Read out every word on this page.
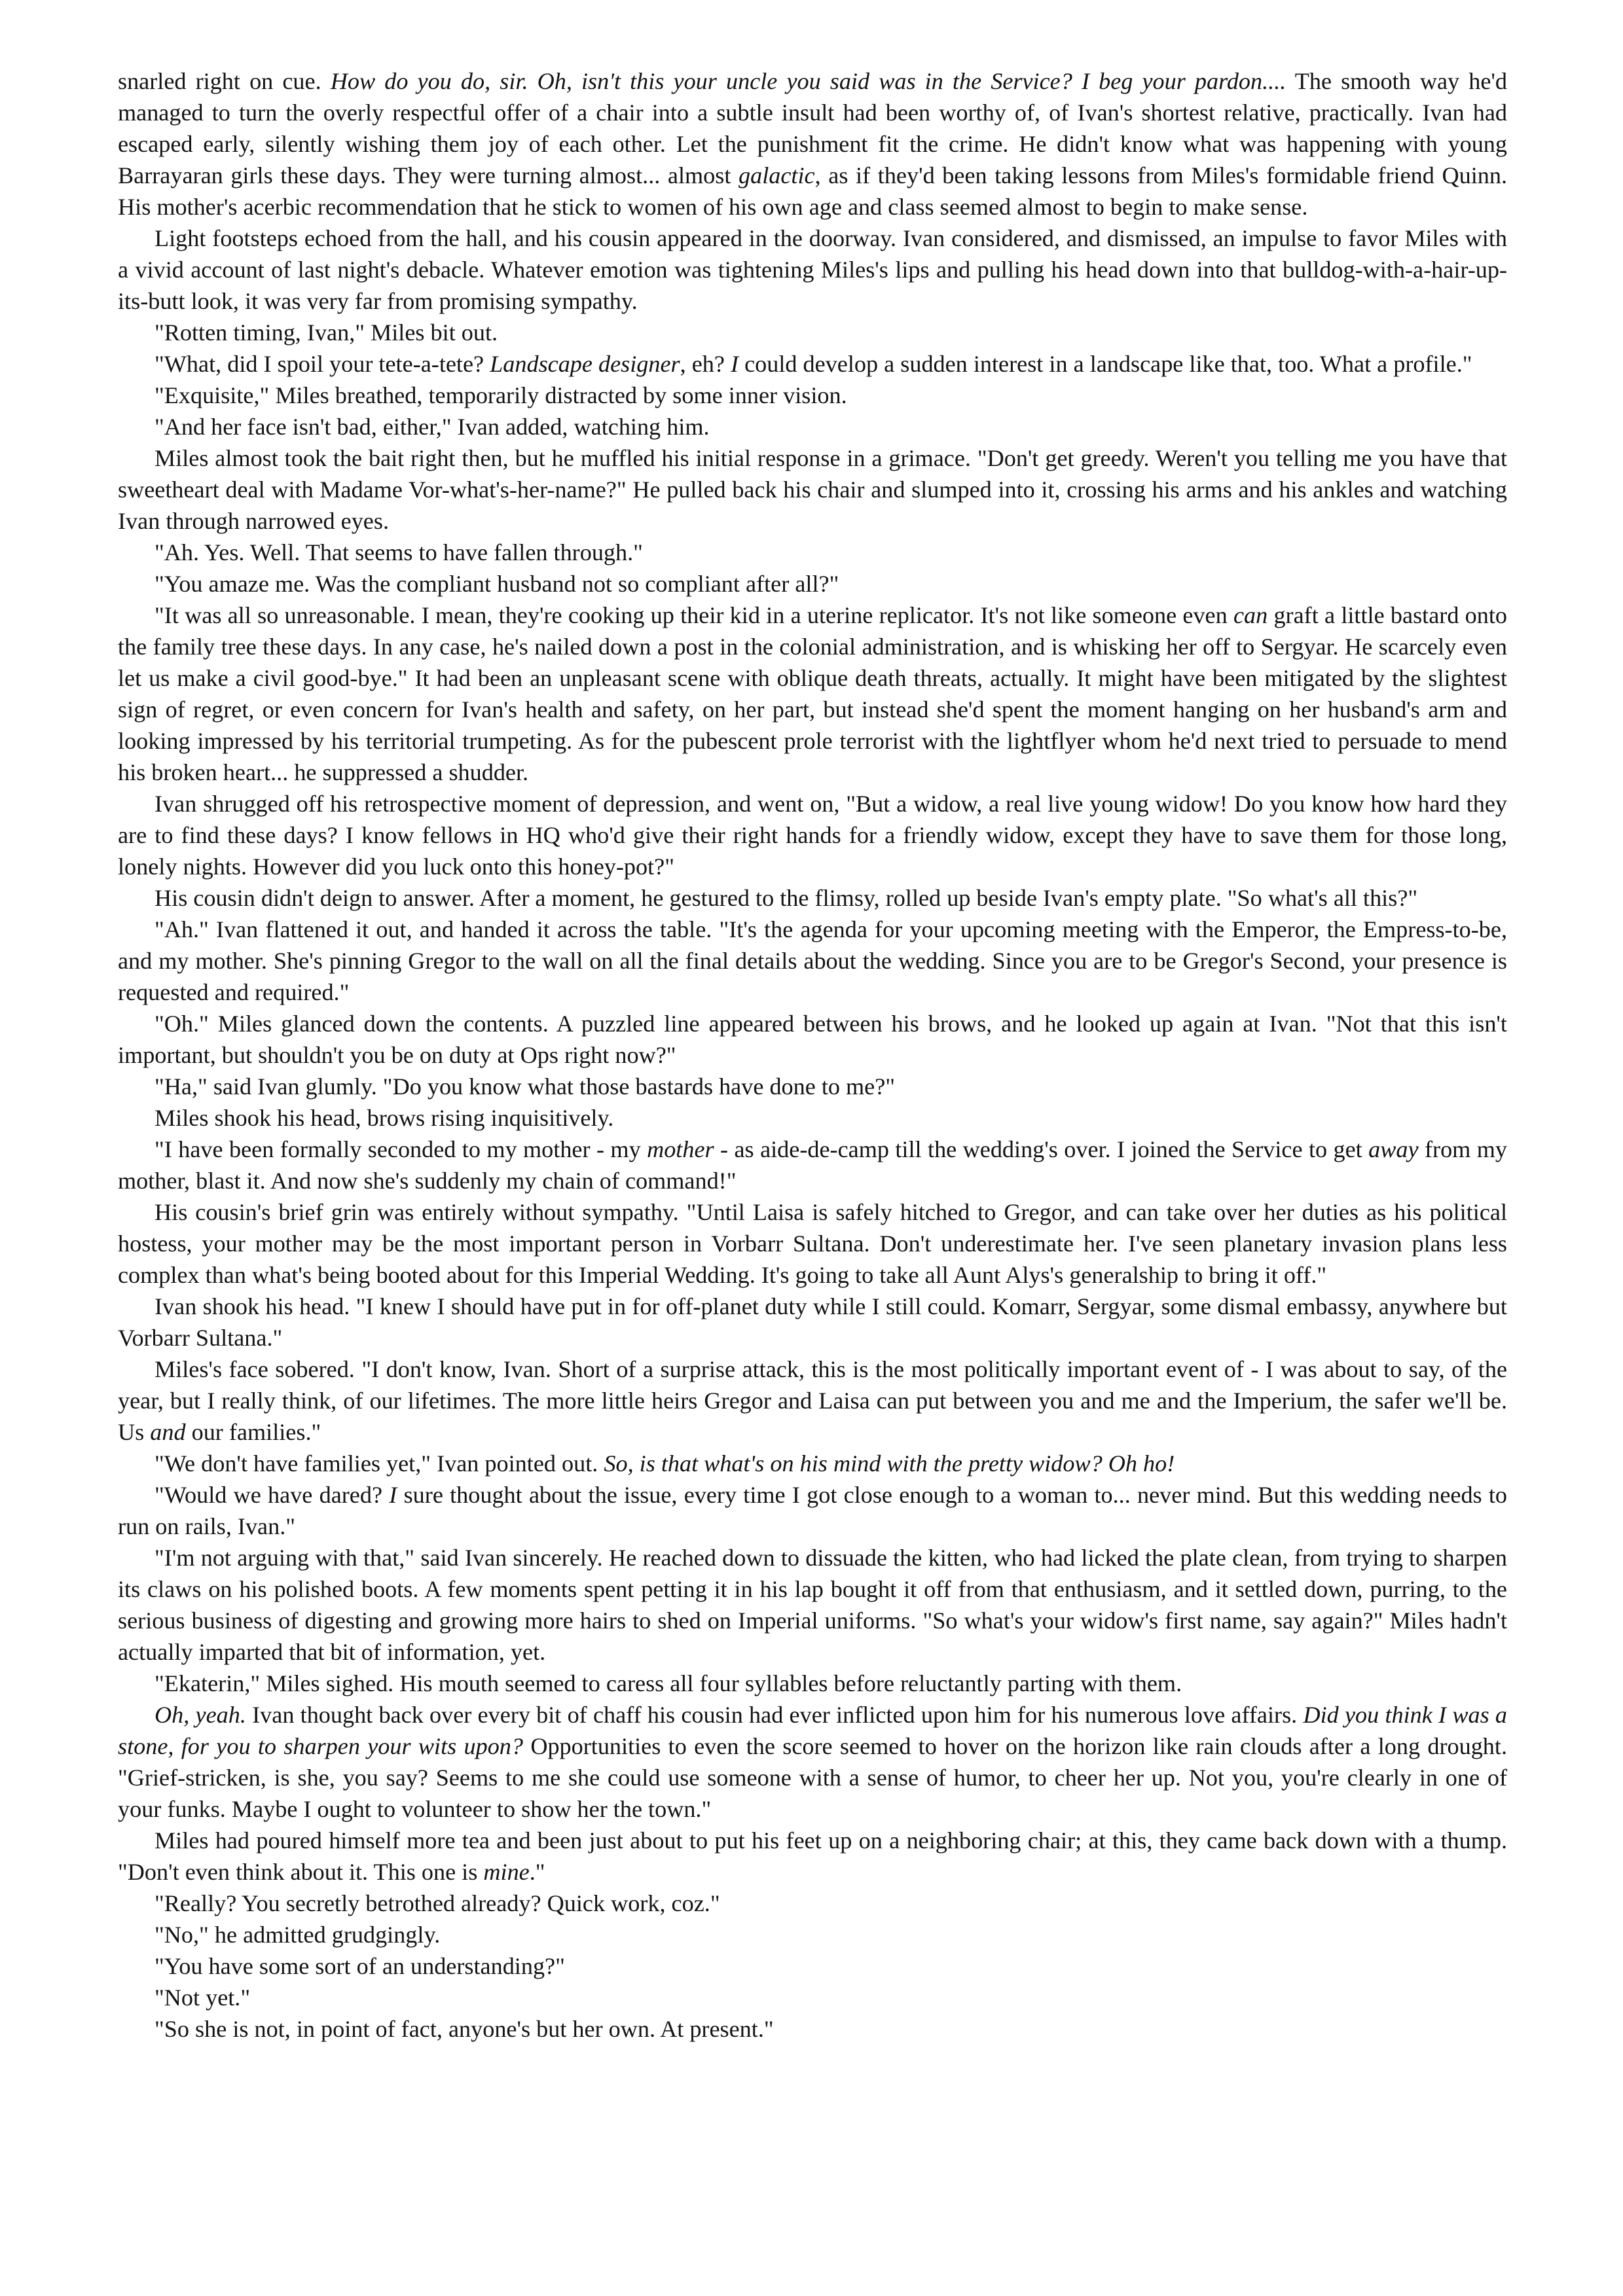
snarled right on cue. How do you do, sir. Oh, isn't this your uncle you said was in the Service? I beg your pardon.... The smooth way he'd managed to turn the overly respectful offer of a chair into a subtle insult had been worthy of, of Ivan's shortest relative, practically. Ivan had escaped early, silently wishing them joy of each other. Let the punishment fit the crime. He didn't know what was happening with young Barrayaran girls these days. They were turning almost... almost galactic, as if they'd been taking lessons from Miles's formidable friend Quinn. His mother's acerbic recommendation that he stick to women of his own age and class seemed almost to begin to make sense.

Light footsteps echoed from the hall, and his cousin appeared in the doorway. Ivan considered, and dismissed, an impulse to favor Miles with a vivid account of last night's debacle. Whatever emotion was tightening Miles's lips and pulling his head down into that bulldog-with-a-hair-up-its-butt look, it was very far from promising sympathy.

"Rotten timing, Ivan," Miles bit out.

"What, did I spoil your tete-a-tete? Landscape designer, eh? I could develop a sudden interest in a landscape like that, too. What a profile."

"Exquisite," Miles breathed, temporarily distracted by some inner vision.

"And her face isn't bad, either," Ivan added, watching him.

Miles almost took the bait right then, but he muffled his initial response in a grimace. "Don't get greedy. Weren't you telling me you have that sweetheart deal with Madame Vor-what's-her-name?" He pulled back his chair and slumped into it, crossing his arms and his ankles and watching Ivan through narrowed eyes.

"Ah. Yes. Well. That seems to have fallen through."

"You amaze me. Was the compliant husband not so compliant after all?"

"It was all so unreasonable. I mean, they're cooking up their kid in a uterine replicator. It's not like someone even can graft a little bastard onto the family tree these days. In any case, he's nailed down a post in the colonial administration, and is whisking her off to Sergyar. He scarcely even let us make a civil good-bye." It had been an unpleasant scene with oblique death threats, actually. It might have been mitigated by the slightest sign of regret, or even concern for Ivan's health and safety, on her part, but instead she'd spent the moment hanging on her husband's arm and looking impressed by his territorial trumpeting. As for the pubescent prole terrorist with the lightflyer whom he'd next tried to persuade to mend his broken heart... he suppressed a shudder.

Ivan shrugged off his retrospective moment of depression, and went on, "But a widow, a real live young widow! Do you know how hard they are to find these days? I know fellows in HQ who'd give their right hands for a friendly widow, except they have to save them for those long, lonely nights. However did you luck onto this honey-pot?"

His cousin didn't deign to answer. After a moment, he gestured to the flimsy, rolled up beside Ivan's empty plate. "So what's all this?"

"Ah." Ivan flattened it out, and handed it across the table. "It's the agenda for your upcoming meeting with the Emperor, the Empress-to-be, and my mother. She's pinning Gregor to the wall on all the final details about the wedding. Since you are to be Gregor's Second, your presence is requested and required."

"Oh." Miles glanced down the contents. A puzzled line appeared between his brows, and he looked up again at Ivan. "Not that this isn't important, but shouldn't you be on duty at Ops right now?"

"Ha," said Ivan glumly. "Do you know what those bastards have done to me?"

Miles shook his head, brows rising inquisitively.

"I have been formally seconded to my mother - my mother - as aide-de-camp till the wedding's over. I joined the Service to get away from my mother, blast it. And now she's suddenly my chain of command!"

His cousin's brief grin was entirely without sympathy. "Until Laisa is safely hitched to Gregor, and can take over her duties as his political hostess, your mother may be the most important person in Vorbarr Sultana. Don't underestimate her. I've seen planetary invasion plans less complex than what's being booted about for this Imperial Wedding. It's going to take all Aunt Alys's generalship to bring it off."

Ivan shook his head. "I knew I should have put in for off-planet duty while I still could. Komarr, Sergyar, some dismal embassy, anywhere but Vorbarr Sultana."

Miles's face sobered. "I don't know, Ivan. Short of a surprise attack, this is the most politically important event of - I was about to say, of the year, but I really think, of our lifetimes. The more little heirs Gregor and Laisa can put between you and me and the Imperium, the safer we'll be. Us and our families."

"We don't have families yet," Ivan pointed out. So, is that what's on his mind with the pretty widow? Oh ho!

"Would we have dared? I sure thought about the issue, every time I got close enough to a woman to... never mind. But this wedding needs to run on rails, Ivan."

"I'm not arguing with that," said Ivan sincerely. He reached down to dissuade the kitten, who had licked the plate clean, from trying to sharpen its claws on his polished boots. A few moments spent petting it in his lap bought it off from that enthusiasm, and it settled down, purring, to the serious business of digesting and growing more hairs to shed on Imperial uniforms. "So what's your widow's first name, say again?" Miles hadn't actually imparted that bit of information, yet.

"Ekaterin," Miles sighed. His mouth seemed to caress all four syllables before reluctantly parting with them.

Oh, yeah. Ivan thought back over every bit of chaff his cousin had ever inflicted upon him for his numerous love affairs. Did you think I was a stone, for you to sharpen your wits upon? Opportunities to even the score seemed to hover on the horizon like rain clouds after a long drought. "Grief-stricken, is she, you say? Seems to me she could use someone with a sense of humor, to cheer her up. Not you, you're clearly in one of your funks. Maybe I ought to volunteer to show her the town."

Miles had poured himself more tea and been just about to put his feet up on a neighboring chair; at this, they came back down with a thump. "Don't even think about it. This one is mine."

"Really? You secretly betrothed already? Quick work, coz."

"No," he admitted grudgingly.

"You have some sort of an understanding?"

"Not yet."

"So she is not, in point of fact, anyone's but her own. At present."
